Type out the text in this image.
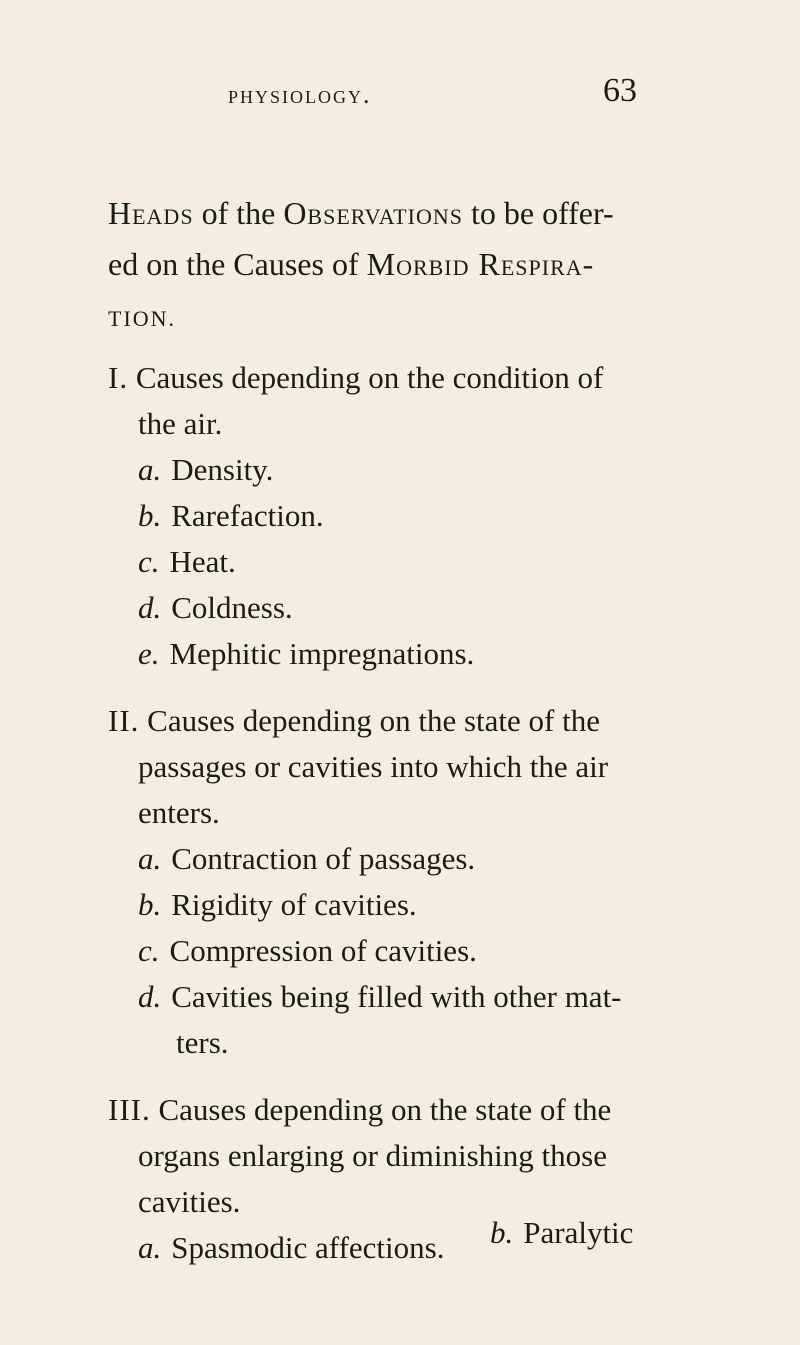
physiology.	63

Heads of the Observations to be offer-

ed on the Causes of Morbid Respira-

TION.

I. Causes depending on the condition of
the air.
a. Density.
b. Rarefaction.
c. Heat.
d. Coldness.
e. Mephitic impregnations.
II. Causes depending on the state of the
passages or cavities into which the air
enters.
a. Contraction of passages.
b. Rigidity of cavities.
c. Compression of cavities.
d. Cavities being filled with other mat-
ters.
III. Causes depending on the state of the
organs enlarging or diminishing those
cavities.
a. Spasmodic affections.	b. Paralytic
